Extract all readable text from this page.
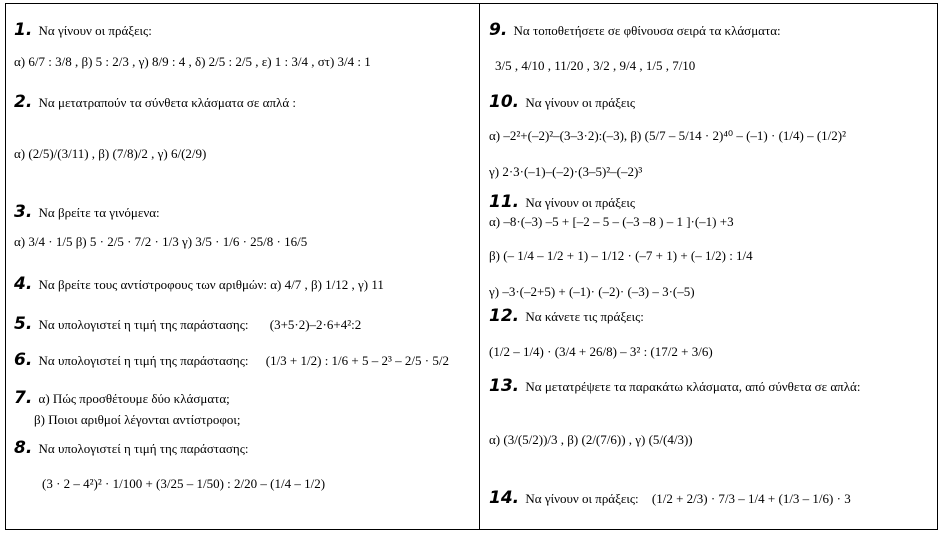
1. Να γίνουν οι πράξεις:
α) 6/7 : 3/8 , β) 5 : 2/3 , γ) 8/9 : 4 , δ) 2/5 : 2/5 , ε) 1 : 3/4 , στ) 3/4 : 1
2. Να μετατραπούν τα σύνθετα κλάσματα σε απλά :
α) (2/5)/(3/11) , β) (7/8)/2 , γ) 6/(2/9)
3. Να βρείτε τα γινόμενα:
α) 3/4 · 1/5 β) 5 · 2/5 · 7/2 · 1/3 γ) 3/5 · 1/6 · 25/8 · 16/5
4. Να βρείτε τους αντίστροφους των αριθμών: α) 4/7 , β) 1/12 , γ) 11
5. Να υπολογιστεί η τιμή της παράστασης: (3+5·2)–2·6+4²:2
6. Να υπολογιστεί η τιμή της παράστασης: (1/3 + 1/2) : 1/6 + 5 – 2³ – 2/5 · 5/2
7. α) Πώς προσθέτουμε δύο κλάσματα;
β) Ποιοι αριθμοί λέγονται αντίστροφοι;
8. Να υπολογιστεί η τιμή της παράστασης:
(3 · 2 – 4²)² · 1/100 + (3/25 – 1/50) : 2/20 – (1/4 – 1/2)
9. Να τοποθετήσετε σε φθίνουσα σειρά τα κλάσματα:
3/5 , 4/10 , 11/20 , 3/2 , 9/4 , 1/5 , 7/10
10. Να γίνουν οι πράξεις
α) –2²+(–2)²–(3–3·2):(–3), β) (5/7 – 5/14 · 2)⁴⁰ – (–1) · (1/4) – (1/2)²
γ) 2·3·(–1)–(–2)·(3–5)²–(–2)³
11. Να γίνουν οι πράξεις
α) –8·(–3) –5 + [–2 – 5 – (–3 –8 ) – 1 ]·(–1) +3
β) (– 1/4 – 1/2 + 1) – 1/12 · (–7 + 1) + (– 1/2) : 1/4
γ) –3·(–2+5) + (–1)· (–2)· (–3) – 3·(–5)
12. Να κάνετε τις πράξεις:
(1/2 – 1/4) · (3/4 + 26/8) – 3² : (17/2 + 3/6)
13. Να μετατρέψετε τα παρακάτω κλάσματα, από σύνθετα σε απλά:
α) (3/(5/2))/3 , β) (2/(7/6)) , γ) (5/(4/3))
14. Να γίνουν οι πράξεις: (1/2 + 2/3) · 7/3 – 1/4 + (1/3 – 1/6) · 3
